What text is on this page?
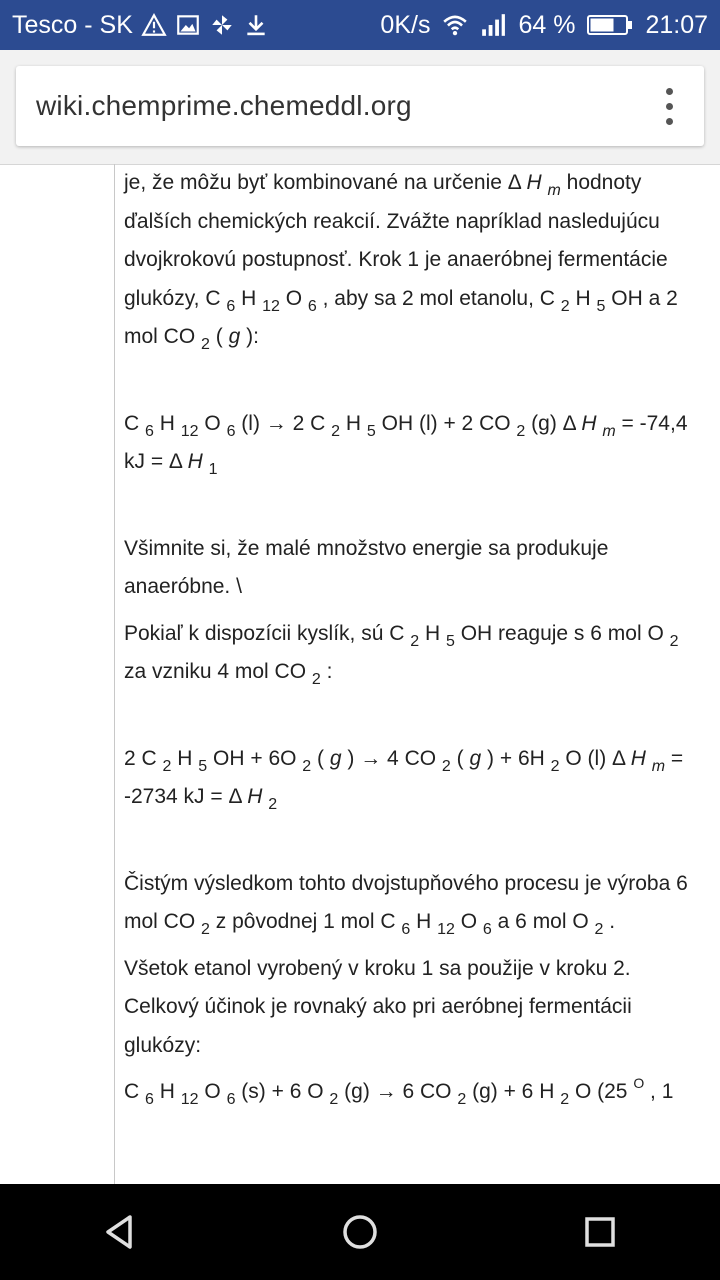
Tesco - SK	0K/s	64 %	21:07
wiki.chemprime.chemeddl.org

je, že môžu byť kombinované na určenie Δ H $_m$ hodnoty ďalších chemických reakcií. Zvážte napríklad nasledujúcu dvojkrokovú postupnosť. Krok 1 je anaeróbnej fermentácie glukózy, C $_6$ H $_{12}$ O $_6$ , aby sa 2 mol etanolu, C $_2$ H $_5$ OH a 2 mol CO $_2$ ( g ):

C $_6$ H $_{12}$ O $_6$ (l) → 2 C $_2$ H $_5$ OH (l) + 2 CO $_2$ (g) Δ H $_m$ = -74,4 kJ = Δ H $_1$

Všimnite si, že malé množstvo energie sa produkuje anaeróbne. \

Pokiaľ k dispozícii kyslík, sú C $_2$ H $_5$ OH reaguje s 6 mol O $_2$ za vzniku 4 mol CO $_2$ :

2 C $_2$ H $_5$ OH + 6O $_2$ ( g ) → 4 CO $_2$ ( g ) + 6H $_2$ O (l) Δ H $_m$ = -2734 kJ = Δ H $_2$

Čistým výsledkom tohto dvojstupňového procesu je výroba 6 mol CO $_2$ z pôvodnej 1 mol C $_6$ H $_{12}$ O $_6$ a 6 mol O $_2$ .

Všetok etanol vyrobený v kroku 1 sa použije v kroku 2. Celkový účinok je rovnaký ako pri aeróbnej fermentácii glukózy:

C $_6$ H $_{12}$ O $_6$ (s) + 6 O $_2$ (g) → 6 CO $_2$ (g) + 6 H $_2$ O (25 $^O$ , 1
